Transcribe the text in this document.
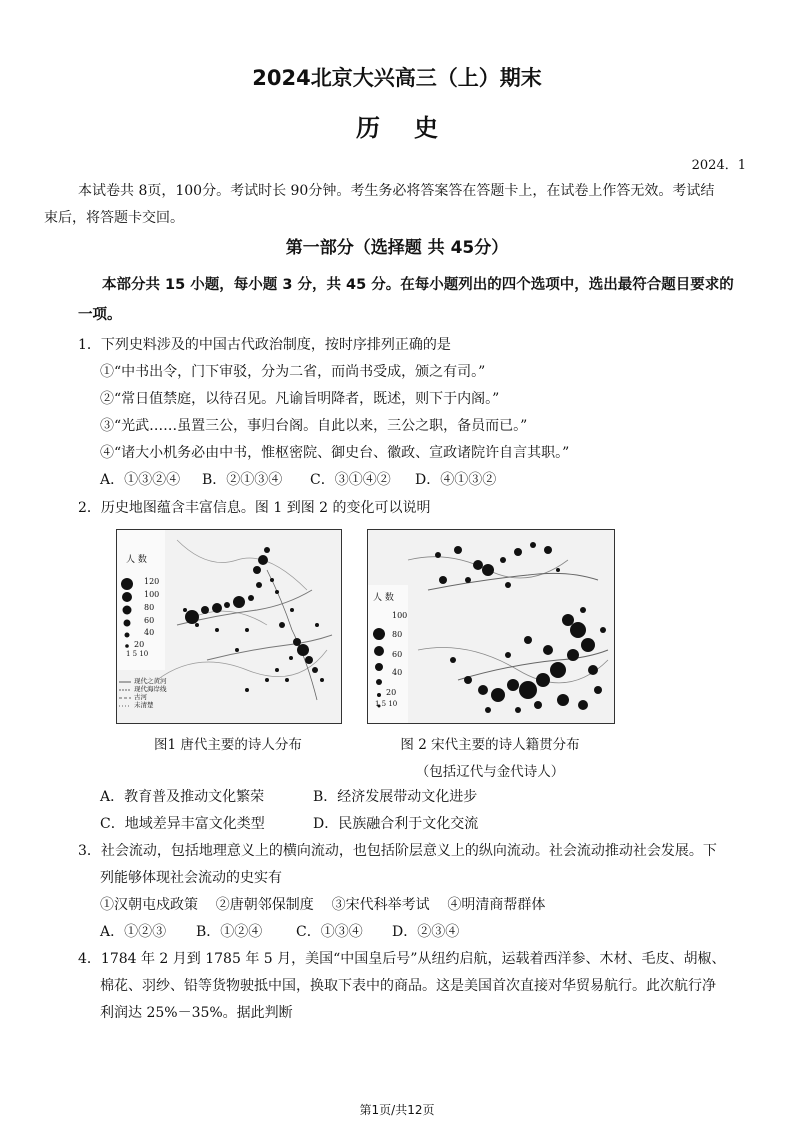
2024北京大兴高三（上）期末
历史
2024．1
本试卷共 8页，100分。考试时长 90分钟。考生务必将答案答在答题卡上，在试卷上作答无效。考试结
束后，将答题卡交回。
第一部分（选择题 共 45分）
本部分共 15 小题，每小题 3 分，共 45 分。在每小题列出的四个选项中，选出最符合题目要求的一项。
1．下列史料涉及的中国古代政治制度，按时序排列正确的是
①“中书出令，门下审驳，分为二省，而尚书受成，颁之有司。”
②“常日值禁庭，以待召见。凡谕旨明降者，既述，则下于内阁。”
③“光武……虽置三公，事归台阁。自此以来，三公之职，备员而已。”
④“诸大小机务必由中书，惟枢密院、御史台、徽政、宣政诸院许自言其职。”
A．①③②④ B．②①③④ C．③①④② D．④①③②
2．历史地图蕴含丰富信息。图 1 到图 2 的变化可以说明
人 数
120
100
80
60
40
20
1 5 10
现代之黄河
现代海岸线
古河
未清楚
人 数
100
80
60
40
20
1 5 10
图1 唐代主要的诗人分布	图 2 宋代主要的诗人籍贯分布
（包括辽代与金代诗人）
A．教育普及推动文化繁荣	B．经济发展带动文化进步
C．地域差异丰富文化类型	D．民族融合利于文化交流
3．社会流动，包括地理意义上的横向流动，也包括阶层意义上的纵向流动。社会流动推动社会发展。下
列能够体现社会流动的史实有
①汉朝屯戍政策    ②唐朝邻保制度    ③宋代科举考试    ④明清商帮群体
A．①②③ B．①②④ C．①③④ D．②③④
4．1784 年 2 月到 1785 年 5 月，美国“中国皇后号”从纽约启航，运载着西洋参、木材、毛皮、胡椒、
棉花、羽纱、铅等货物驶抵中国，换取下表中的商品。这是美国首次直接对华贸易航行。此次航行净
利润达 25%－35%。据此判断
第1页/共12页
